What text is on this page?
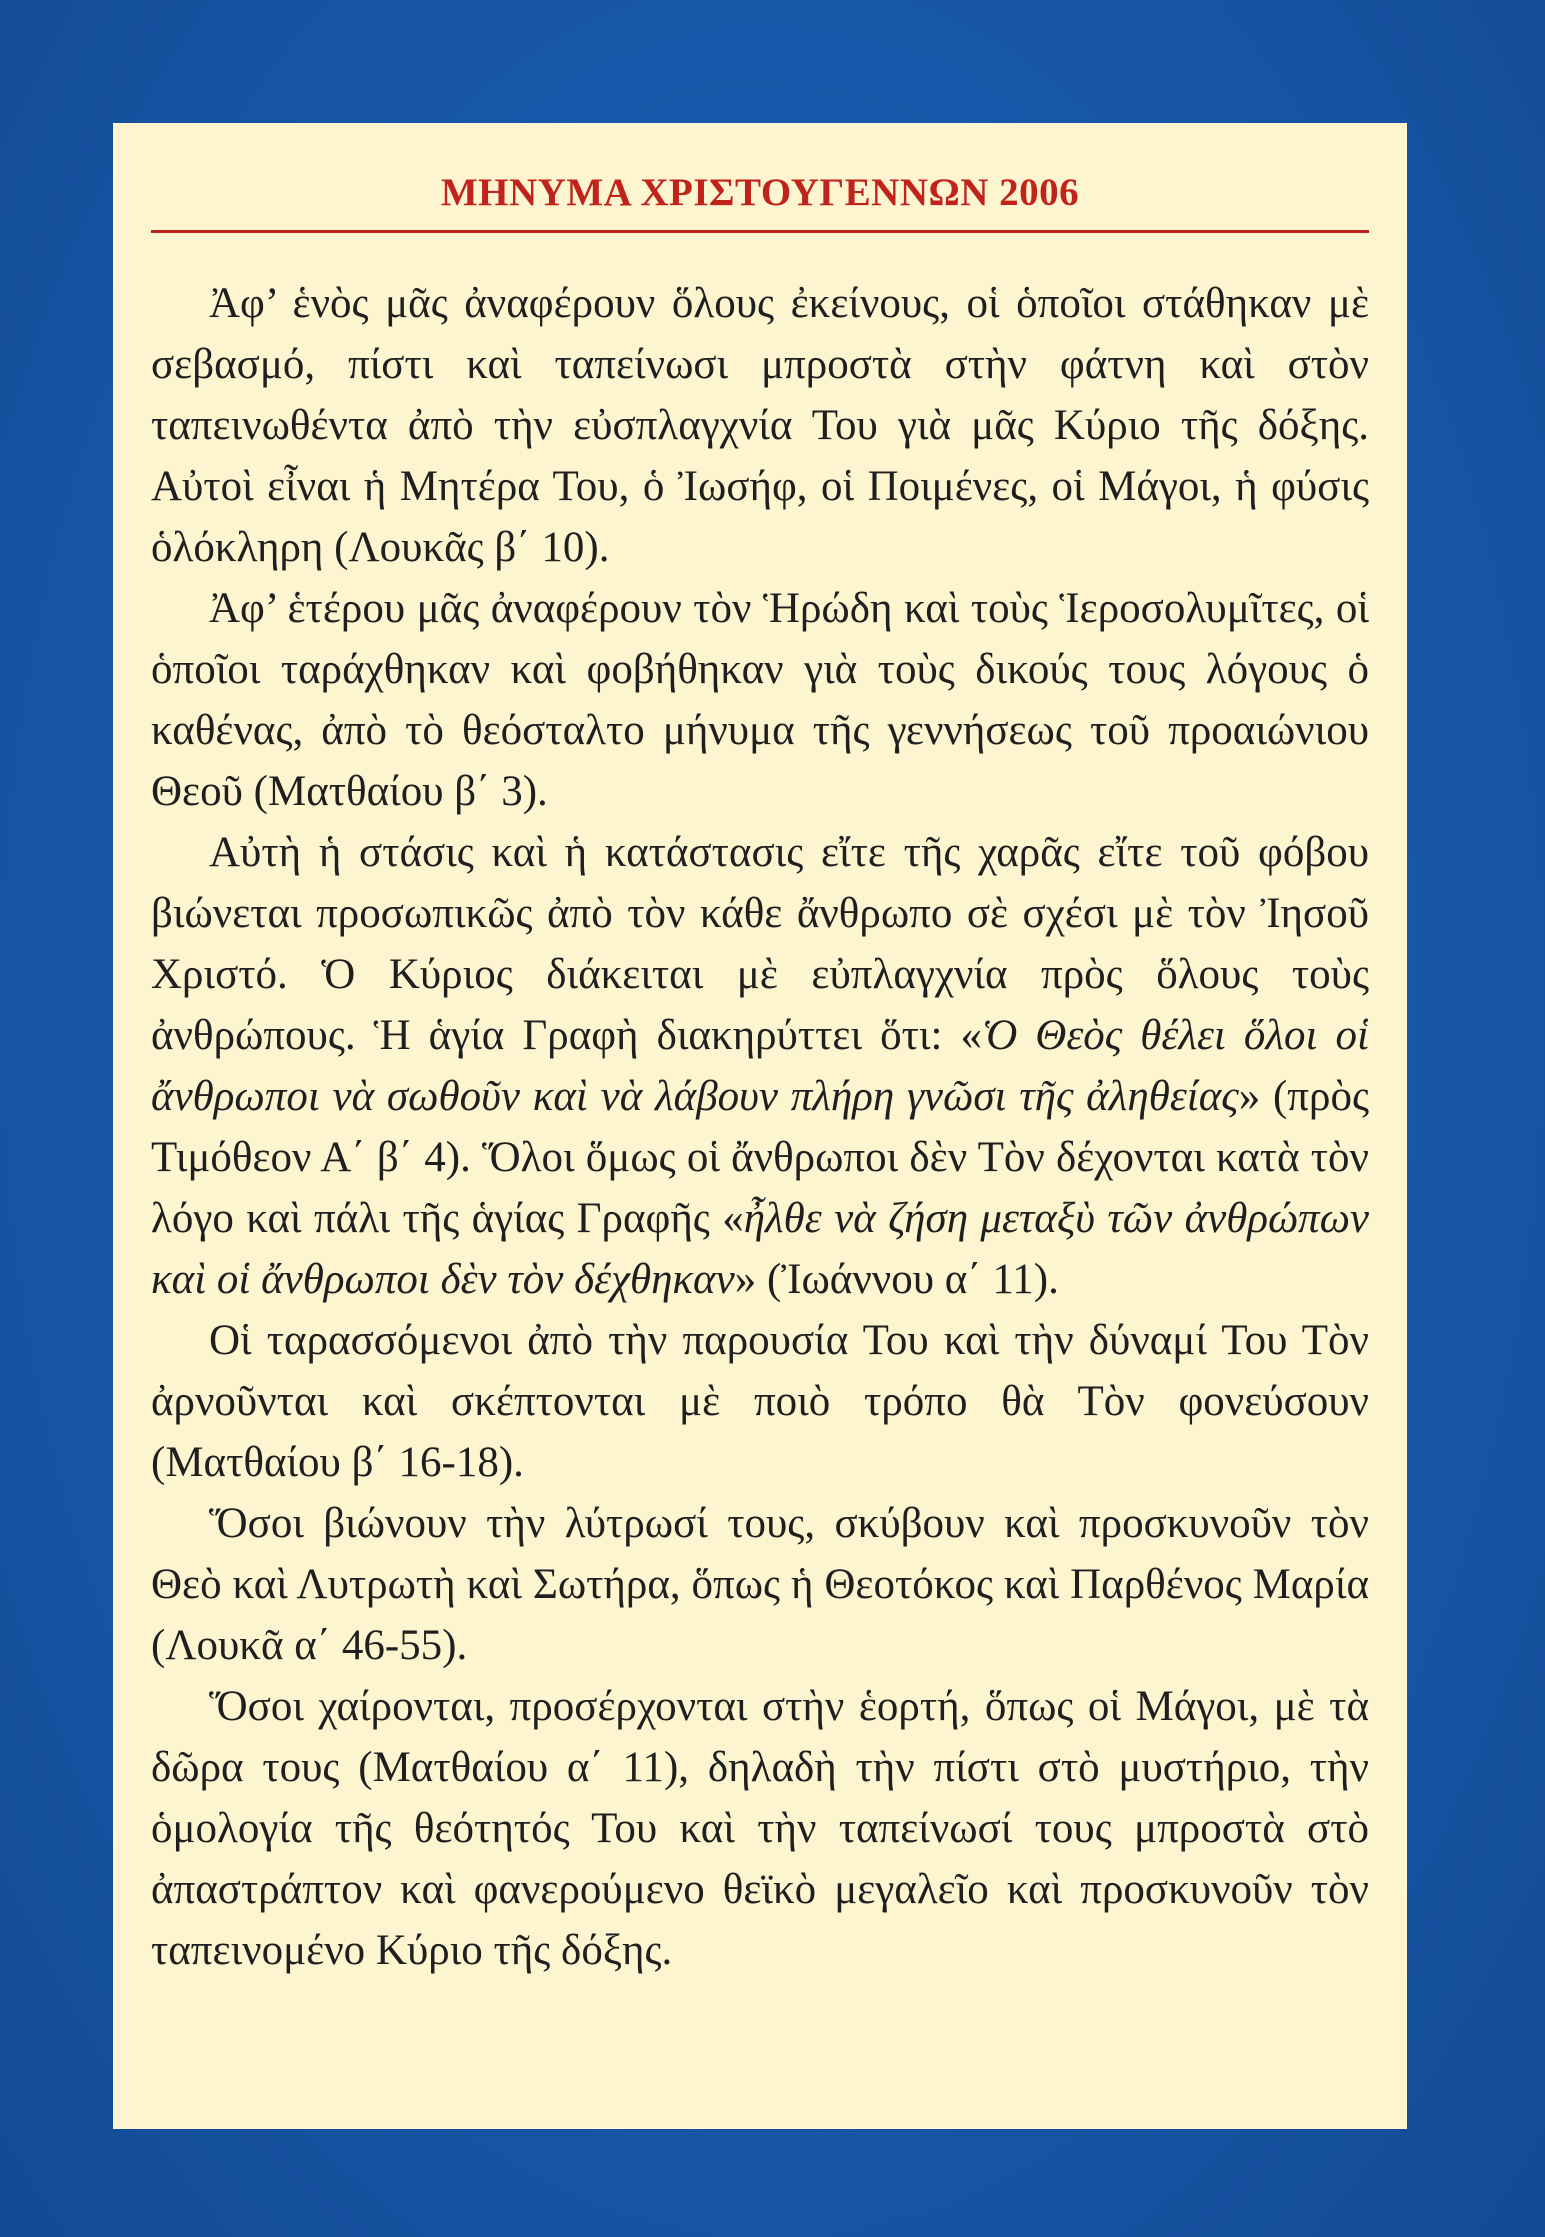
ΜΗΝΥΜΑ ΧΡΙΣΤΟΥΓΕΝΝΩΝ 2006

Ἀφ’ ἑνὸς μᾶς ἀναφέρουν ὅλους ἐκείνους, οἱ ὁποῖοι στάθηκαν μὲ σεβασμό, πίστι καὶ ταπείνωσι μπροστὰ στὴν φάτνη καὶ στὸν ταπεινωθέντα ἀπὸ τὴν εὐσπλαγχνία Του γιὰ μᾶς Κύριο τῆς δόξης. Αὐτοὶ εἶναι ἡ Μητέρα Του, ὁ Ἰωσήφ, οἱ Ποιμένες, οἱ Μάγοι, ἡ φύσις ὁλόκληρη (Λουκᾶς β΄ 10).

Ἀφ’ ἑτέρου μᾶς ἀναφέρουν τὸν Ἡρώδη καὶ τοὺς Ἱεροσολυμῖτες, οἱ ὁποῖοι ταράχθηκαν καὶ φοβήθηκαν γιὰ τοὺς δικούς τους λόγους ὁ καθένας, ἀπὸ τὸ θεόσταλτο μήνυμα τῆς γεννήσεως τοῦ προαιώνιου Θεοῦ (Ματθαίου β΄ 3).

Αὐτὴ ἡ στάσις καὶ ἡ κατάστασις εἴτε τῆς χαρᾶς εἴτε τοῦ φόβου βιώνεται προσωπικῶς ἀπὸ τὸν κάθε ἄνθρωπο σὲ σχέσι μὲ τὸν Ἰησοῦ Χριστό. Ὁ Κύριος διάκειται μὲ εὐπλαγχνία πρὸς ὅλους τοὺς ἀνθρώπους. Ἡ ἁγία Γραφὴ διακηρύττει ὅτι: «Ὁ Θεὸς θέλει ὅλοι οἱ ἄνθρωποι νὰ σωθοῦν καὶ νὰ λάβουν πλήρη γνῶσι τῆς ἀληθείας» (πρὸς Τιμόθεον Α΄ β΄ 4). Ὅλοι ὅμως οἱ ἄνθρωποι δὲν Τὸν δέχονται κατὰ τὸν λόγο καὶ πάλι τῆς ἁγίας Γραφῆς «ἦλθε νὰ ζήση μεταξὺ τῶν ἀνθρώπων καὶ οἱ ἄνθρωποι δὲν τὸν δέχθηκαν» (Ἰωάννου α΄ 11).

Οἱ ταρασσόμενοι ἀπὸ τὴν παρουσία Του καὶ τὴν δύναμί Του Τὸν ἀρνοῦνται καὶ σκέπτονται μὲ ποιὸ τρόπο θὰ Τὸν φονεύσουν (Ματθαίου β΄ 16-18).

Ὅσοι βιώνουν τὴν λύτρωσί τους, σκύβουν καὶ προσκυνοῦν τὸν Θεὸ καὶ Λυτρωτὴ καὶ Σωτήρα, ὅπως ἡ Θεοτόκος καὶ Παρθένος Μαρία (Λουκᾶ α΄ 46-55).

Ὅσοι χαίρονται, προσέρχονται στὴν ἑορτή, ὅπως οἱ Μάγοι, μὲ τὰ δῶρα τους (Ματθαίου α΄ 11), δηλαδὴ τὴν πίστι στὸ μυστήριο, τὴν ὁμολογία τῆς θεότητός Του καὶ τὴν ταπείνωσί τους μπροστὰ στὸ ἀπαστράπτον καὶ φανερούμενο θεϊκὸ μεγαλεῖο καὶ προσκυνοῦν τὸν ταπεινομένο Κύριο τῆς δόξης.
